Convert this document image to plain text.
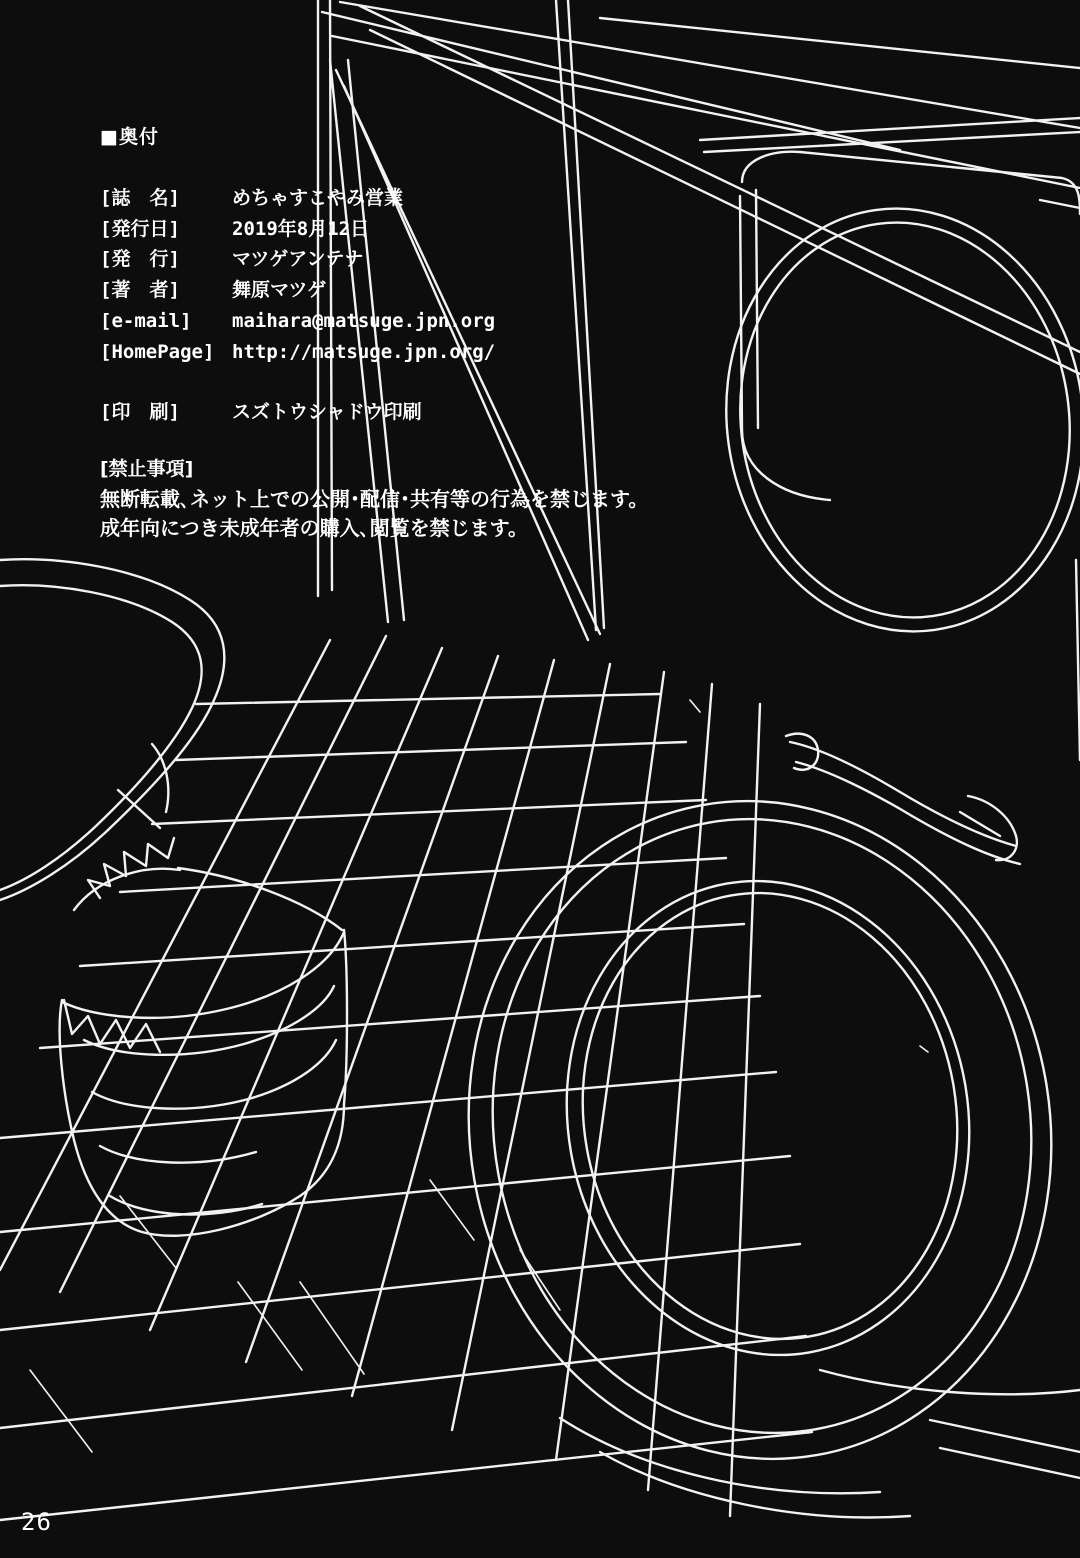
■奥付
[誌　名]	めちゃすこやみ営業
[発行日]	2019年8月12日
[発　行]	マツゲアンテナ
[著　者]	舞原マツゲ
[e-mail] maihara@matsuge.jpn.org
[HomePage] http://matsuge.jpn.org/
[印　刷]	スズトウシャドウ印刷
[禁止事項]
無断転載､ネット上での公開･配信･共有等の行為を禁じます。
成年向につき未成年者の購入､閲覧を禁じます。
26
